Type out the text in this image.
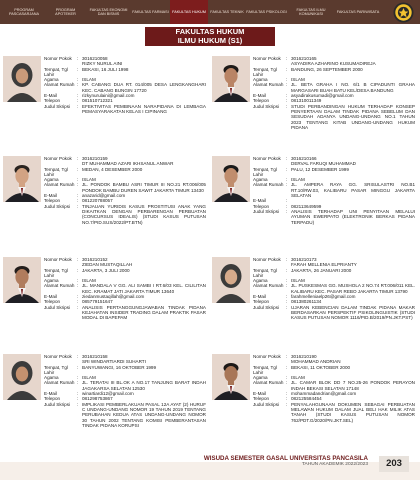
PROGRAM PASCASARJANA
PROGRAM APOTEKER
FAKULTAS EKONOMI DAN BISNIS
FAKULTAS FARMASI FAKULTAS HUKUM	FAKULTAS TEKNIK FAKULTAS PSIKOLOGI
FAKULTAS ILMU KOMUNIKASI
FAKULTAS PARIWISATA
FAKULTAS HUKUM
ILMU HUKUM (S1)
Nomor Pokok	: 3016210058
RIZKY NURUL AINI
Tempat, Tgl Lahir
: BEKASI, 16 JULI 1998
Agama	: ISLAM
Alamat Rumah : KP. CABANG DUA RT. 014/005 DESA LENGKANGHARI KEC. CABANG BUNGIN 17720
E-Mail	: rizkynurulaini@gmail.com
Telepon	: 081510712321
Judul Skripsi	: EFEKTIVITAS PEMBINAAN NARAPIDANA DI LEMBAGA PEMASYARAKATAN KELAS I CIPINANG
Nomor Pokok	: 3016210165
ASYADIRA AZHARINO KUSUMADIREJA
Tempat, Tgl Lahir
: BANDUNG, 26 SEPTEMBER 2000
Agama	: ISLAM
Alamat Rumah : JL. BETA GRAHA I NO. 6/1 B CIPADUNTI GRAHA MARGASARI BUAH BATU KEL/DESA BANDUNG
E-Mail	: asyadirakusumadi@gmail.com
Telepon	: 081310011349
Judul Skripsi	: STUDI PERBANDINGAN HUKUM TERHADAP KONSEP PENYERTAAN DALAM TINDAK PIDANA SEBELUM DAN SESUDAH ADANYA UNDANG-UNDANG NO.1 TAHUN 2023 TENTANG KITAB UNDANG-UNDANG HUKUM PIDANA
Nomor Pokok	: 3016210159
DT MUHAMMAD AZARI IKHSANUL ANWAR
Tempat, Tgl Lahir
: MEDAN, 4 DESEMBER 2000
Agama	: ISLAM
Alamat Rumah : JL. PONDOK BAMBU ASRI TIMUR III NO.21 RT.006/005 PONDOK BAMBU DUREN SAWIT JAKARTA TIMUR 13430
E-Mail	: anazarid@gmail.com
Telepon	: 081220788057
Judul Skripsi	: TINJAUAN YURIDIS KASUS PROSTITUSI ANAK YANG DIKAITKAN DENGAN PERBARENGAN PERBUATAN (CONCURSUS IDEALIS) (STUDI KASUS PUTUSAN NO.7/PID.SUS/2022/PT.BTN)
Nomor Pokok	: 3016210166
DERVAL FARUQI MUHAMMAD
Tempat, Tgl Lahir
: PALU, 12 DESEMBER 1999
Agama	: ISLAM
Alamat Rumah : JL. AMPERA RAYA GG. SRISULASTRI NO.B1 RT.10/RW.03, KALIBARU PASAR MINGGU JAKARTA SELATAN
E-Mail	:
Telepon	: 082113649599
Judul Skripsi	: ANALISIS TERHADAP UNI PENYITAAN MELALUI AYUMAN EWERPATO (ELEKTRONIK BERKAS PIDANA TERPADU)
Nomor Pokok	: 3016210152
ZIEDAN MUSTAQILLAH
Tempat, Tgl Lahir
: JAKARTA, 3 JULI 2000
Agama	: ISLAM
Alamat Rumah : JL. MANDALA V GG. ALI SAMBI I RT.6/03 KEL. CILILITAN KEC. KRAMAT JATI JAKARTA TIMUR 13640
E-Mail	: ziedanmustaqillah@gmail.com
Telepon	: 085779151647
Judul Skripsi	: ANALISIS PERTANGGUNGJAWABAN TINDAK PIDANA KEJAHATAN INSIDER TRADING DALAM PRAKTIK PASAR MODAL DI BAPEPAM
Nomor Pokok	: 3016210173
FARAH MELLENIA ELPRIANTY
Tempat, Tgl Lahir
: JAKARTA, 26 JANUARI 2000
Agama	: ISLAM
Alamat Rumah : JL. PUSKESMAS GG. MUSHOLA 2 NO.74 RT.006/011 KEL. KALIBARU KEC. PASAR REBO JAKARTA TIMUR 13790
E-Mail	: farahmelleniaelp26@gmail.com
Telepon	: 081380261134
Judul Skripsi	: UJARAN KEBENCIAN DALAM TINDAK PIDANA MAKAR BERDASARKAN PERSPEKTIF PSIKOLINGUISTIK (STUDI KASUS PUTUSAN NOMOR 1116/PID.B/2019/PN.JKT.PST)
Nomor Pokok	: 3016210158
SRI WINDARTIARDI SUHARTI
Tempat, Tgl Lahir
: BANYUWANGI, 16 OKTOBER 1999
Agama	: ISLAM
Alamat Rumah : JL. TERATAI III BL.OK A NO.17 TANJUNG BARAT INDAH JAGAKARSA SELATAN 12530
E-Mail	: winartiardi12@gmail.com
Telepon	: 081298753867
Judul Skripsi	: IMPLIKASI PEMBERLAKUAN PASAL 12A AYAT (2) HURUF C UNDANG-UNDANG NOMOR 19 TAHUN 2019 TENTANG PERUBAHAN KEDUA ATAS UNDANG-UNDANG NOMOR 30 TAHUN 2002 TENTANG KOMISI PEMBERANTASAN TINDAK PIDANA KORUPSI
Nomor Pokok	: 3016210190
MOHAMMAD ANDRIAN
Tempat, Tgl Lahir
: BEKASI, 11 OKTOBER 2000
Agama	: ISLAM
Alamat Rumah : JL. CAMAR BLOK DD 7 NO.25-26 PONDOK PERAYON INDAH BEKASI SELATAN 17148
E-Mail	: mohammadandrian@gmail.com
Telepon	: 082125584454
Judul Skripsi	: PENYALAHGUNAAN DOKUMEN SEBAGAI PERBUATAN MELAWAN HUKUM DALAM JUAL BELI HAK MILIK ATAS TANAH (STUDI KASUS PUTUSAN NOMOR 762/PDT.G/2020/PN.JKT.SEL)
WISUDA SEMESTER GASAL UNIVERSITAS PANCASILA
TAHUN AKADEMIK 2022/2023	203
